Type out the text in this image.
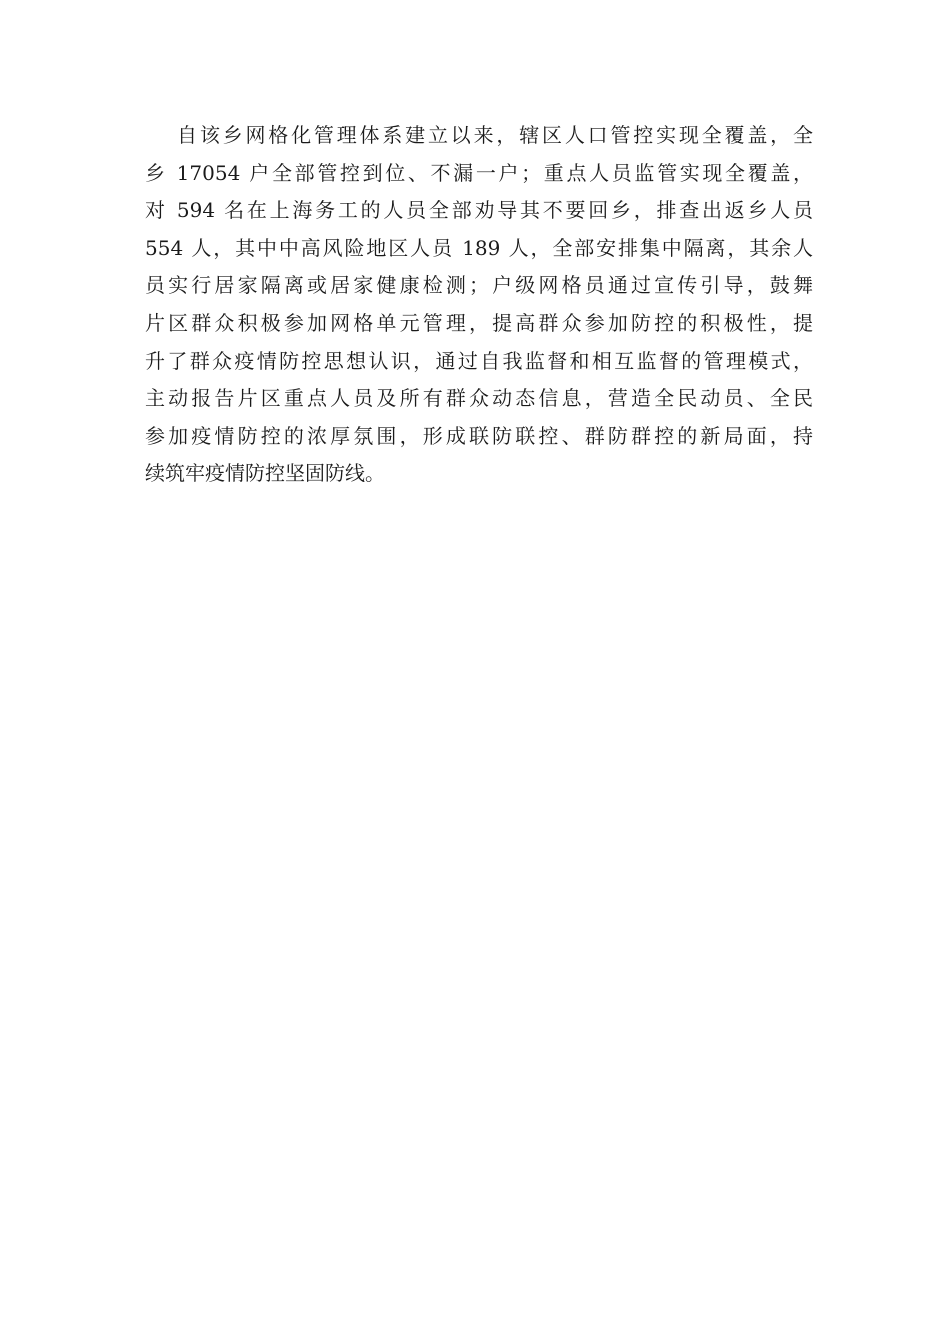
自该乡网格化管理体系建立以来，辖区人口管控实现全覆盖，全
乡 17054 户全部管控到位、不漏一户；重点人员监管实现全覆盖，
对 594 名在上海务工的人员全部劝导其不要回乡，排查出返乡人员
554 人，其中中高风险地区人员 189 人，全部安排集中隔离，其余人
员实行居家隔离或居家健康检测；户级网格员通过宣传引导，鼓舞
片区群众积极参加网格单元管理，提高群众参加防控的积极性，提
升了群众疫情防控思想认识，通过自我监督和相互监督的管理模式，
主动报告片区重点人员及所有群众动态信息，营造全民动员、全民
参加疫情防控的浓厚氛围，形成联防联控、群防群控的新局面，持
续筑牢疫情防控坚固防线。
